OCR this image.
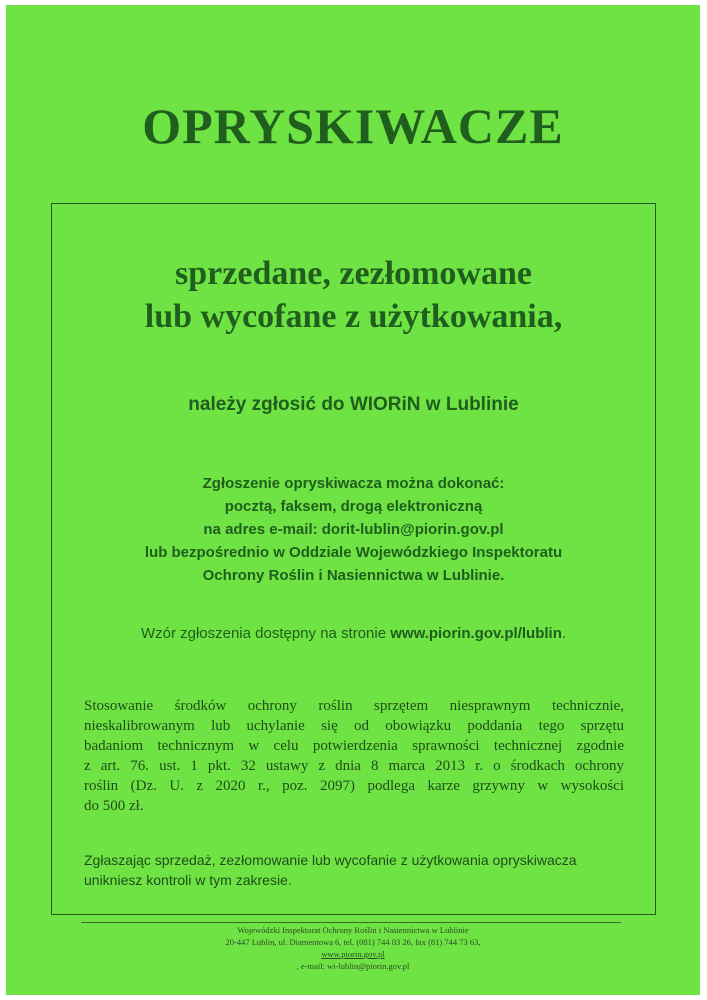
OPRYSKIWACZE
sprzedane, zezłomowane
lub wycofane z użytkowania,

należy zgłosić do WIORiN w Lublinie

Zgłoszenie opryskiwacza można dokonać:
pocztą, faksem, drogą elektroniczną
na adres e-mail: dorit-lublin@piorin.gov.pl
lub bezpośrednio w Oddziale Wojewódzkiego Inspektoratu
Ochrony Roślin i Nasiennictwa w Lublinie.

Wzór zgłoszenia dostępny na stronie www.piorin.gov.pl/lublin.

Stosowanie środków ochrony roślin sprzętem niesprawnym technicznie,
nieskalibrowanym lub uchylanie się od obowiązku poddania tego sprzętu
badaniom technicznym w celu potwierdzenia sprawności technicznej zgodnie
z art. 76. ust. 1 pkt. 32 ustawy z dnia 8 marca 2013 r. o środkach ochrony
roślin (Dz. U. z 2020 r., poz. 2097) podlega karze grzywny w wysokości
do 500 zł.

Zgłaszając sprzedaż, zezłomowanie lub wycofanie z użytkowania opryskiwacza
unikniesz kontroli w tym zakresie.

Wojewódzki Inspektorat Ochrony Roślin i Nasiennictwa w Lublinie
20-447 Lublin, ul. Diamentowa 6, tel. (081) 744 03 26, fax (81) 744 73 63,
www.piorin.gov.pl
, e-mail: wi-lublin@piorin.gov.pl
